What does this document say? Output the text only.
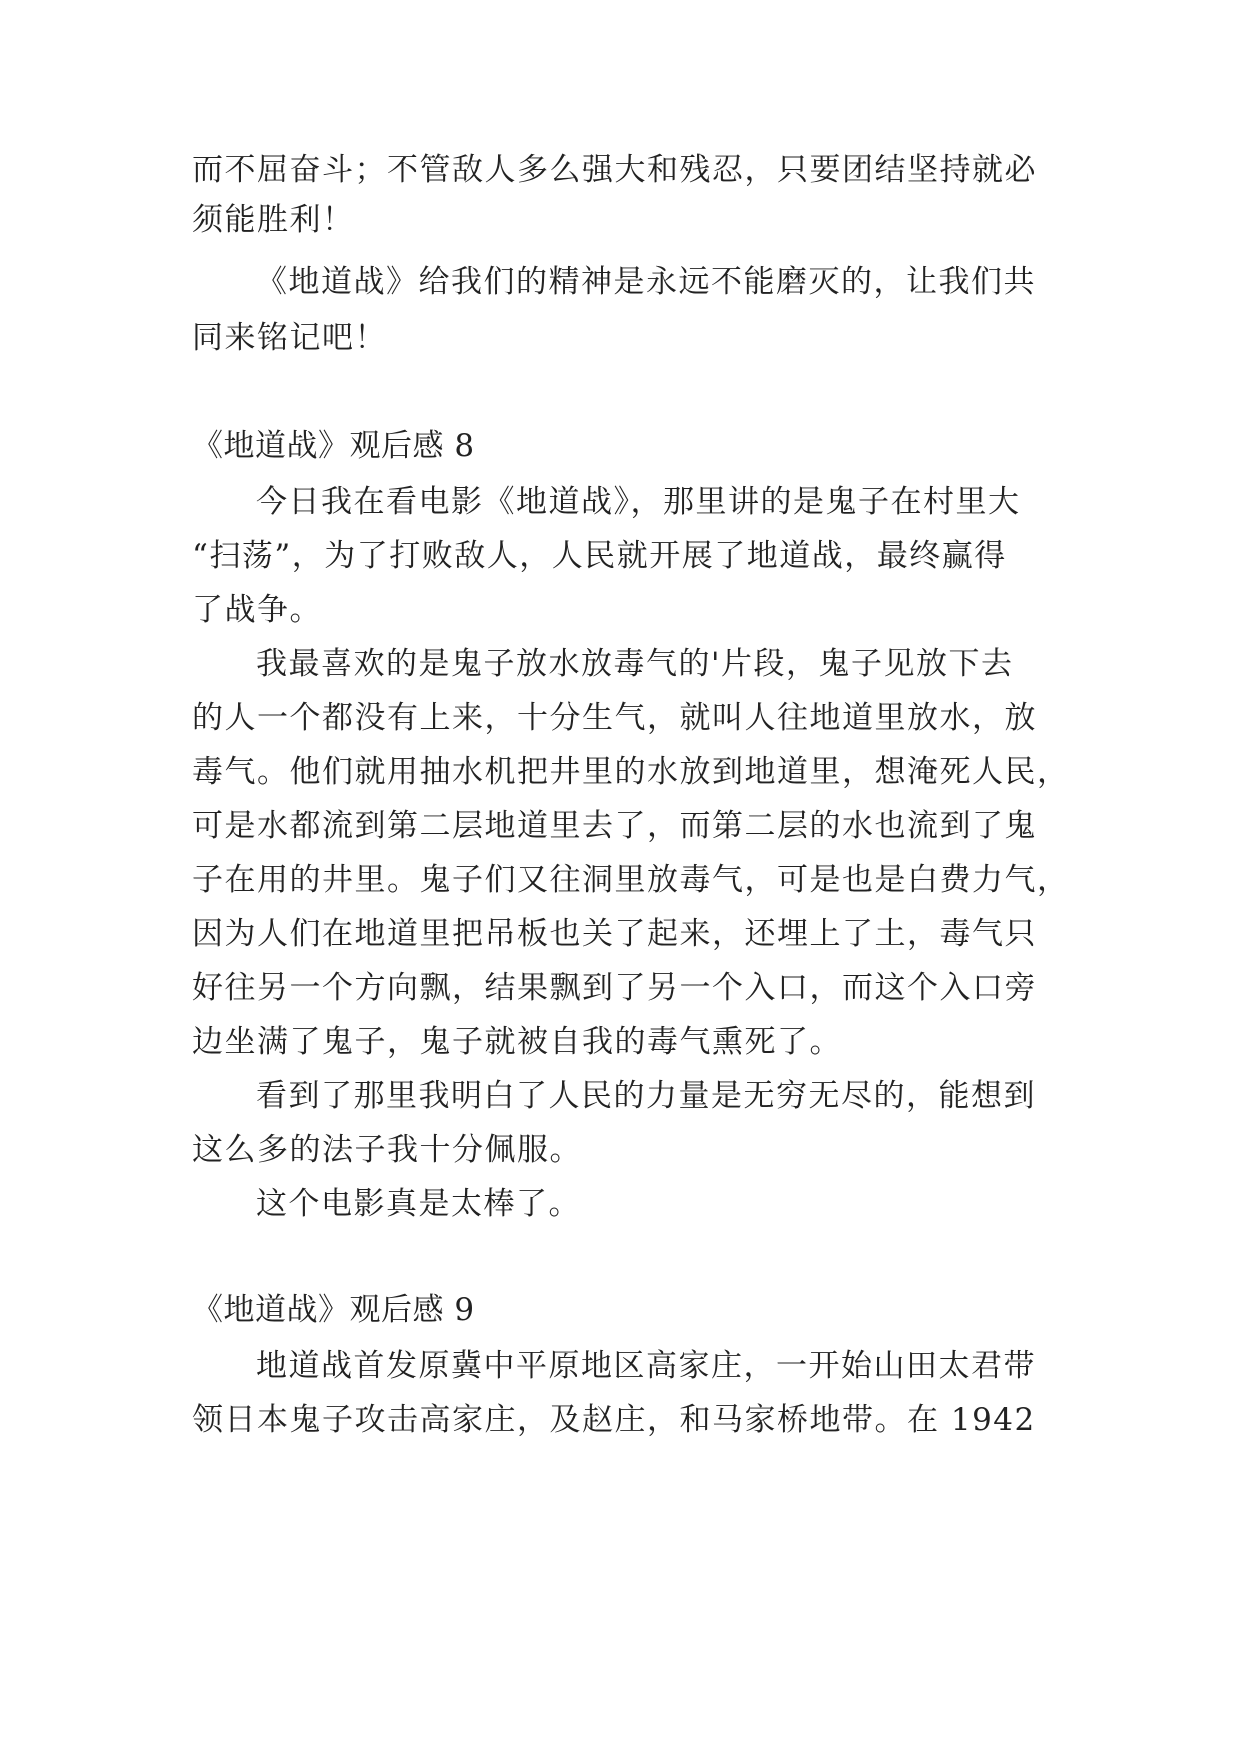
而不屈奋斗；不管敌人多么强大和残忍，只要团结坚持就必
须能胜利！
《地道战》给我们的精神是永远不能磨灭的，让我们共
同来铭记吧！
《地道战》观后感 8
今日我在看电影《地道战》，那里讲的是鬼子在村里大
“扫荡”，为了打败敌人，人民就开展了地道战，最终赢得
了战争。
我最喜欢的是鬼子放水放毒气的'片段，鬼子见放下去
的人一个都没有上来，十分生气，就叫人往地道里放水，放
毒气。他们就用抽水机把井里的水放到地道里，想淹死人民，
可是水都流到第二层地道里去了，而第二层的水也流到了鬼
子在用的井里。鬼子们又往洞里放毒气，可是也是白费力气，
因为人们在地道里把吊板也关了起来，还埋上了土，毒气只
好往另一个方向飘，结果飘到了另一个入口，而这个入口旁
边坐满了鬼子，鬼子就被自我的毒气熏死了。
看到了那里我明白了人民的力量是无穷无尽的，能想到
这么多的法子我十分佩服。
这个电影真是太棒了。
《地道战》观后感 9
地道战首发原冀中平原地区高家庄，一开始山田太君带
领日本鬼子攻击高家庄，及赵庄，和马家桥地带。在 1942
